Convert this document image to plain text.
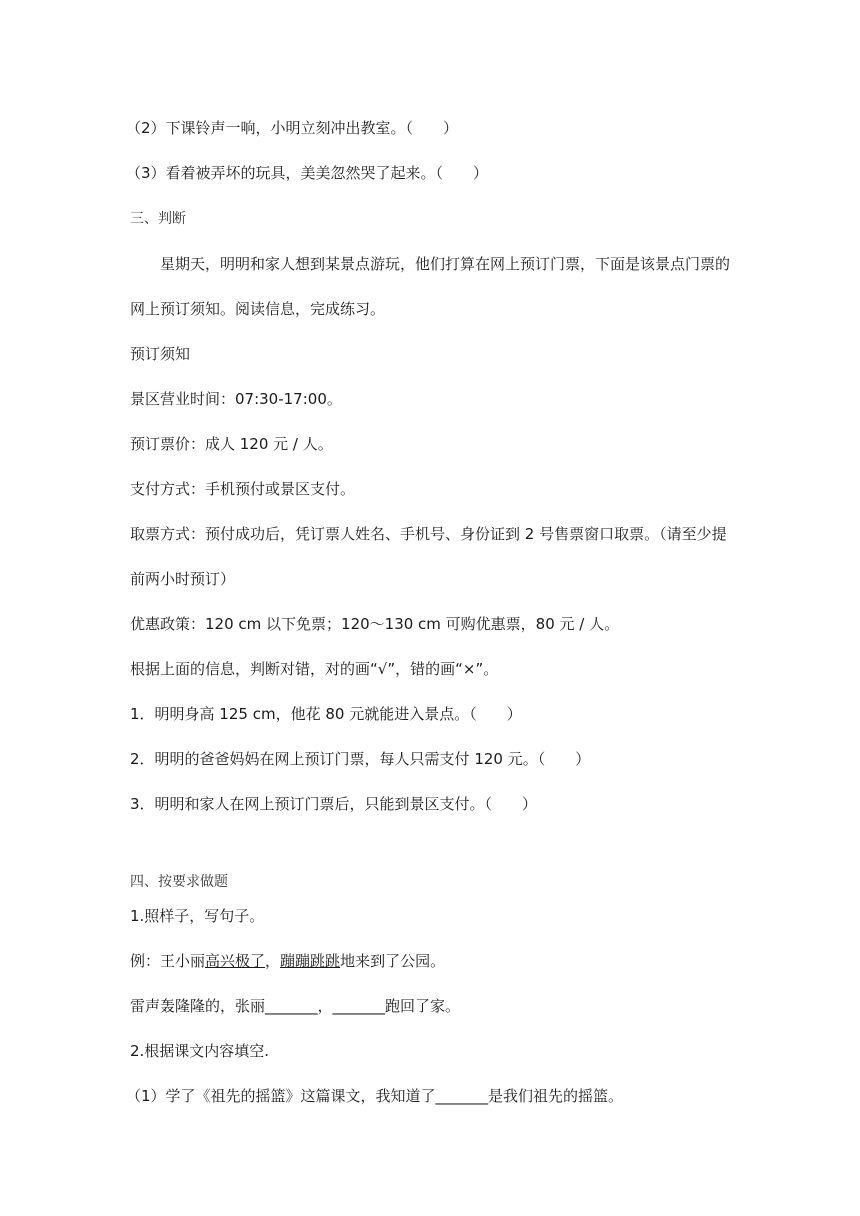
（2）下课铃声一响，小明立刻冲出教室。（　　）
（3）看着被弄坏的玩具，美美忽然哭了起来。（　　）
三、判断
星期天，明明和家人想到某景点游玩，他们打算在网上预订门票，下面是该景点门票的
网上预订须知。阅读信息，完成练习。
预订须知
景区营业时间：07:30-17:00。
预订票价：成人 120 元 / 人。
支付方式：手机预付或景区支付。
取票方式：预付成功后，凭订票人姓名、手机号、身份证到 2 号售票窗口取票。（请至少提
前两小时预订）
优惠政策：120 cm 以下免票；120～130 cm 可购优惠票，80 元 / 人。
根据上面的信息，判断对错，对的画“√”，错的画“×”。
1．明明身高 125 cm，他花 80 元就能进入景点。（　　）
2．明明的爸爸妈妈在网上预订门票，每人只需支付 120 元。（　　）
3．明明和家人在网上预订门票后，只能到景区支付。（　　）
四、按要求做题
1.照样子，写句子。
例：王小丽高兴极了，蹦蹦跳跳地来到了公园。
雷声轰隆隆的，张丽_______，_______跑回了家。
2.根据课文内容填空.
（1）学了《祖先的摇篮》这篇课文，我知道了_______是我们祖先的摇篮。
